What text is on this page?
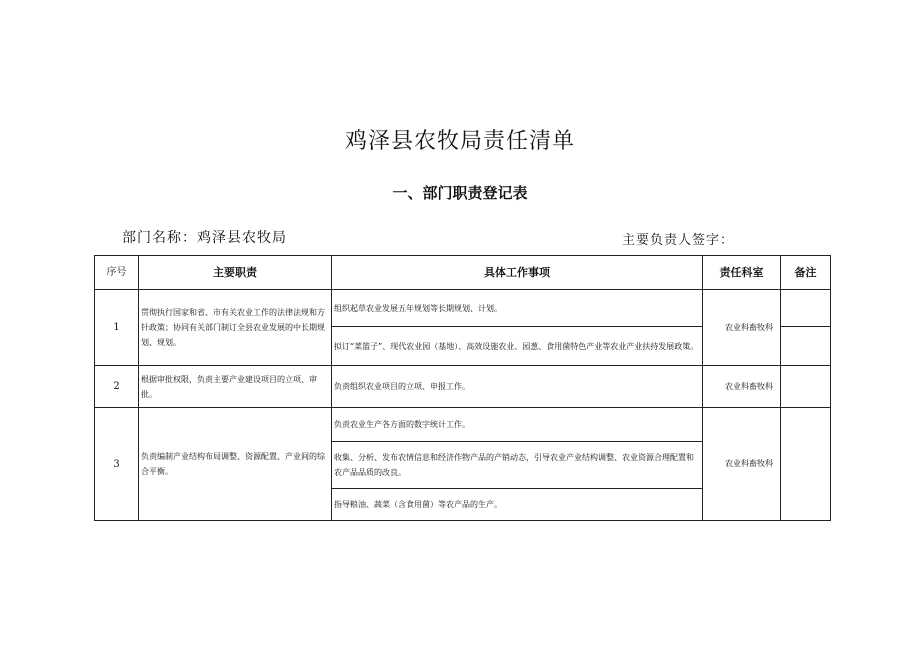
鸡泽县农牧局责任清单
一、部门职责登记表
部门名称：鸡泽县农牧局	主要负责人签字：
序号	主要职责	具体工作事项	责任科室	备注
1	贯彻执行国家和省、市有关农业工作的法律法规和方针政策；协同有关部门制订全县农业发展的中长期规划、规划。	组织起草农业发展五年规划等长期规划、计划。	农业科畜牧科	
		拟订“菜篮子”、现代农业园（基地）、高效设施农业、园葱、食用菌特色产业等农业产业扶持发展政策。		
2	根据审批权限，负责主要产业建设项目的立项、审批。	负责组织农业项目的立项、申报工作。	农业科畜牧科	
3	负责编制产业结构布局调整、资源配置、产业间的综合平衡。	负责农业生产各方面的数字统计工作。	农业科畜牧科	
		收集、分析、发布农情信息和经济作物产品的产销动态，引导农业产业结构调整、农业资源合理配置和农产品品质的改良。		
		指导粮油、蔬菜（含食用菌）等农产品的生产。		
